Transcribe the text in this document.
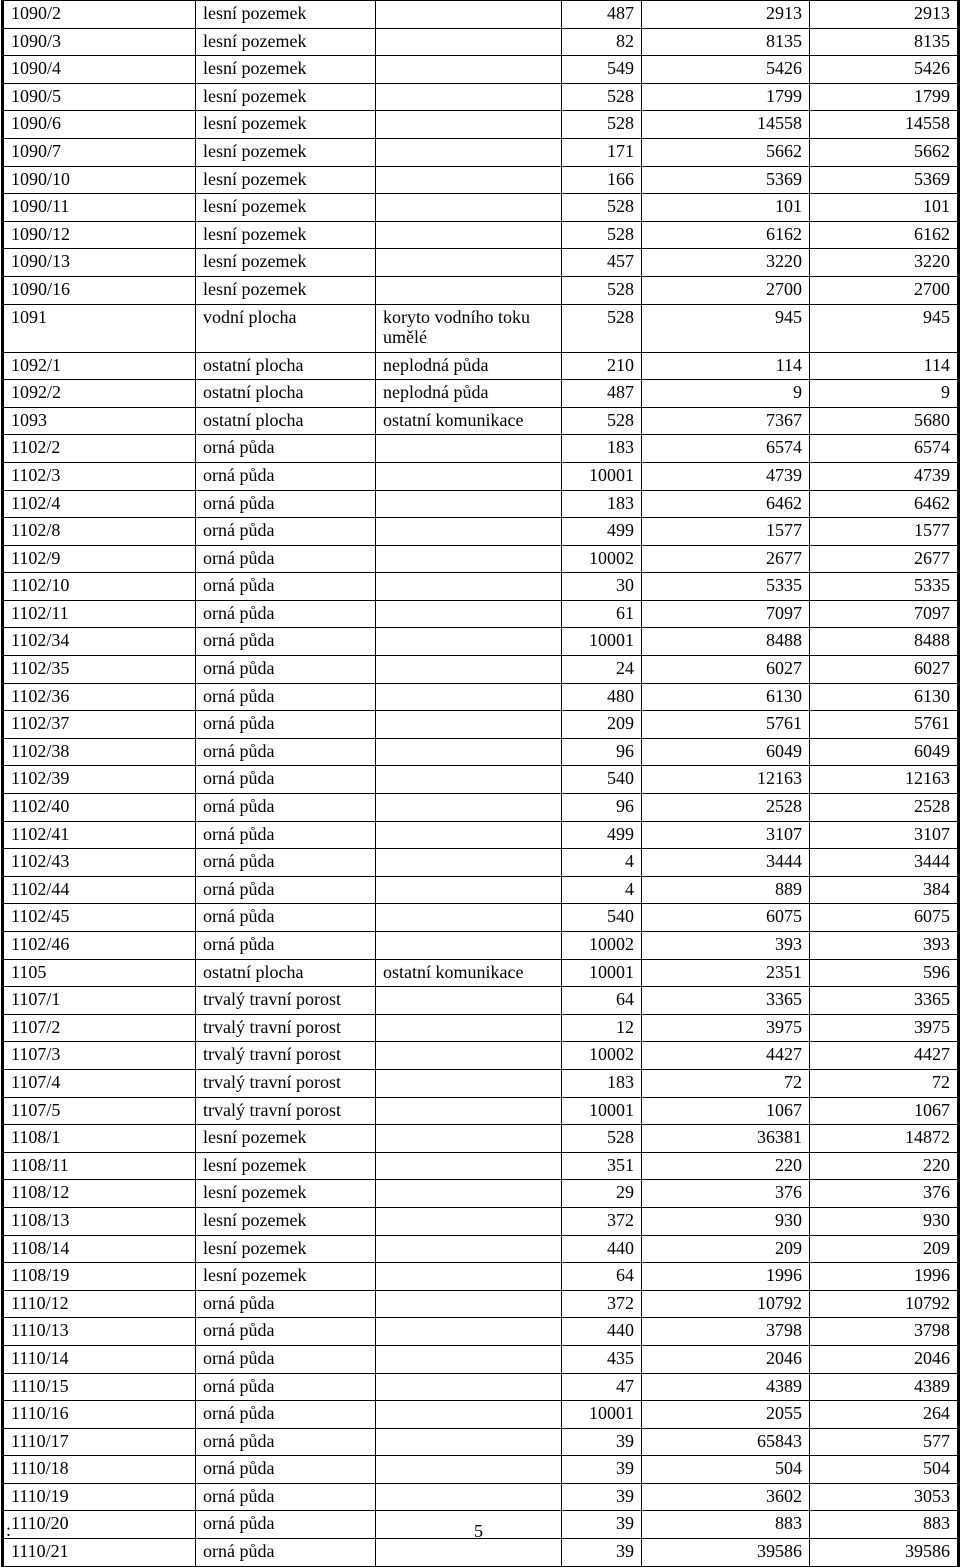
1090/2	lesní pozemek		487	2913	2913
1090/3	lesní pozemek		82	8135	8135
1090/4	lesní pozemek		549	5426	5426
1090/5	lesní pozemek		528	1799	1799
1090/6	lesní pozemek		528	14558	14558
1090/7	lesní pozemek		171	5662	5662
1090/10	lesní pozemek		166	5369	5369
1090/11	lesní pozemek		528	101	101
1090/12	lesní pozemek		528	6162	6162
1090/13	lesní pozemek		457	3220	3220
1090/16	lesní pozemek		528	2700	2700
1091	vodní plocha	koryto vodního toku umělé	528	945	945
1092/1	ostatní plocha	neplodná půda	210	114	114
1092/2	ostatní plocha	neplodná půda	487	9	9
1093	ostatní plocha	ostatní komunikace	528	7367	5680
1102/2	orná půda		183	6574	6574
1102/3	orná půda		10001	4739	4739
1102/4	orná půda		183	6462	6462
1102/8	orná půda		499	1577	1577
1102/9	orná půda		10002	2677	2677
1102/10	orná půda		30	5335	5335
1102/11	orná půda		61	7097	7097
1102/34	orná půda		10001	8488	8488
1102/35	orná půda		24	6027	6027
1102/36	orná půda		480	6130	6130
1102/37	orná půda		209	5761	5761
1102/38	orná půda		96	6049	6049
1102/39	orná půda		540	12163	12163
1102/40	orná půda		96	2528	2528
1102/41	orná půda		499	3107	3107
1102/43	orná půda		4	3444	3444
1102/44	orná půda		4	889	384
1102/45	orná půda		540	6075	6075
1102/46	orná půda		10002	393	393
1105	ostatní plocha	ostatní komunikace	10001	2351	596
1107/1	trvalý travní porost		64	3365	3365
1107/2	trvalý travní porost		12	3975	3975
1107/3	trvalý travní porost		10002	4427	4427
1107/4	trvalý travní porost		183	72	72
1107/5	trvalý travní porost		10001	1067	1067
1108/1	lesní pozemek		528	36381	14872
1108/11	lesní pozemek		351	220	220
1108/12	lesní pozemek		29	376	376
1108/13	lesní pozemek		372	930	930
1108/14	lesní pozemek		440	209	209
1108/19	lesní pozemek		64	1996	1996
1110/12	orná půda		372	10792	10792
1110/13	orná půda		440	3798	3798
1110/14	orná půda		435	2046	2046
1110/15	orná půda		47	4389	4389
1110/16	orná půda		10001	2055	264
1110/17	orná půda		39	65843	577
1110/18	orná půda		39	504	504
1110/19	orná půda		39	3602	3053
1110/20	orná půda		39	883	883
1110/21	orná půda		39	39586	39586
:	5
